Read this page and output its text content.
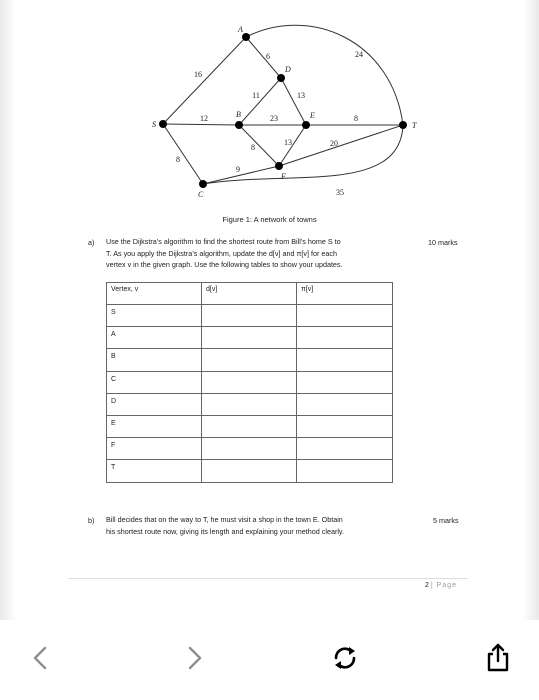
16
12
8
6	24
11
23
8
13
8
13	20
9
35
S
A
B
C
D
E
F
T
Figure 1: A network of towns
a) Use the Dijkstra’s algorithm to find the shortest route from Bill’s home S to
T. As you apply the Dijkstra’s algorithm, update the d[v] and π[v] for each
vertex v in the given graph. Use the following tables to show your updates.
10 marks
Vertex, v	d[v]	π[v]
S		
A		
B		
C		
D		
E		
F		
T		
b) Bill decides that on the way to T, he must visit a shop in the town E. Obtain
his shortest route now, giving its length and explaining your method clearly.
5 marks
2 | Page
